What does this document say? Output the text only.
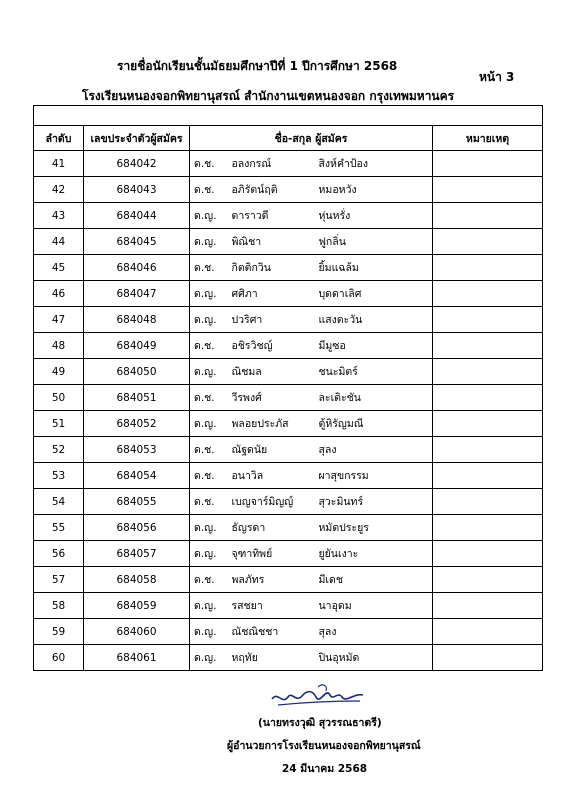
รายชื่อนักเรียนชั้นมัธยมศึกษาปีที่ 1 ปีการศึกษา 2568
โรงเรียนหนองจอกพิทยานุสรณ์ สำนักงานเขตหนองจอก กรุงเทพมหานคร
หน้า 3

ลำดับ	เลขประจำตัวผู้สมัคร	ชื่อ-สกุล ผู้สมัคร			หมายเหตุ
41	684042	ด.ช.	อลงกรณ์	สิงห์คำป้อง	
42	684043	ด.ช.	อภิรัตน์ฤติ	หมอหวัง	
43	684044	ด.ญ.	ดาราวดี	หุ่นหรั่ง	
44	684045	ด.ญ.	พิณิชา	ฟูกลิ่น	
45	684046	ด.ช.	กิตติกวิน	ยิ้มแฉล้ม	
46	684047	ด.ญ.	ศศิภา	บุดดาเลิศ	
47	684048	ด.ญ.	ปวริศา	แสงตะวัน	
48	684049	ด.ช.	อชิรวิชญ์	มีมูซอ	
49	684050	ด.ญ.	ณิชมล	ชนะมิตร์	
50	684051	ด.ช.	วีรพงศ์	ละเติะชัน	
51	684052	ด.ญ.	พลอยประภัส	ตู้หิรัญมณี	
52	684053	ด.ช.	ณัฐดนัย	สุลง	
53	684054	ด.ช.	อนาวิล	ผาสุขกรรม	
54	684055	ด.ช.	เบญจาร์มิญญ์	สุวะมินทร์	
55	684056	ด.ญ.	ธัญรดา	หมัดประยูร	
56	684057	ด.ญ.	จุฑาทิพย์	ยูยันเงาะ	
57	684058	ด.ช.	พลภัทร	มีเดช	
58	684059	ด.ญ.	รสชยา	นาอุดม	
59	684060	ด.ญ.	ณัชณิชชา	สุลง	
60	684061	ด.ญ.	หฤทัย	ปินอุหมัด	
(นายทรงวุฒิ สุวรรณธาตรี)
ผู้อำนวยการโรงเรียนหนองจอกพิทยานุสรณ์
24 มีนาคม 2568
